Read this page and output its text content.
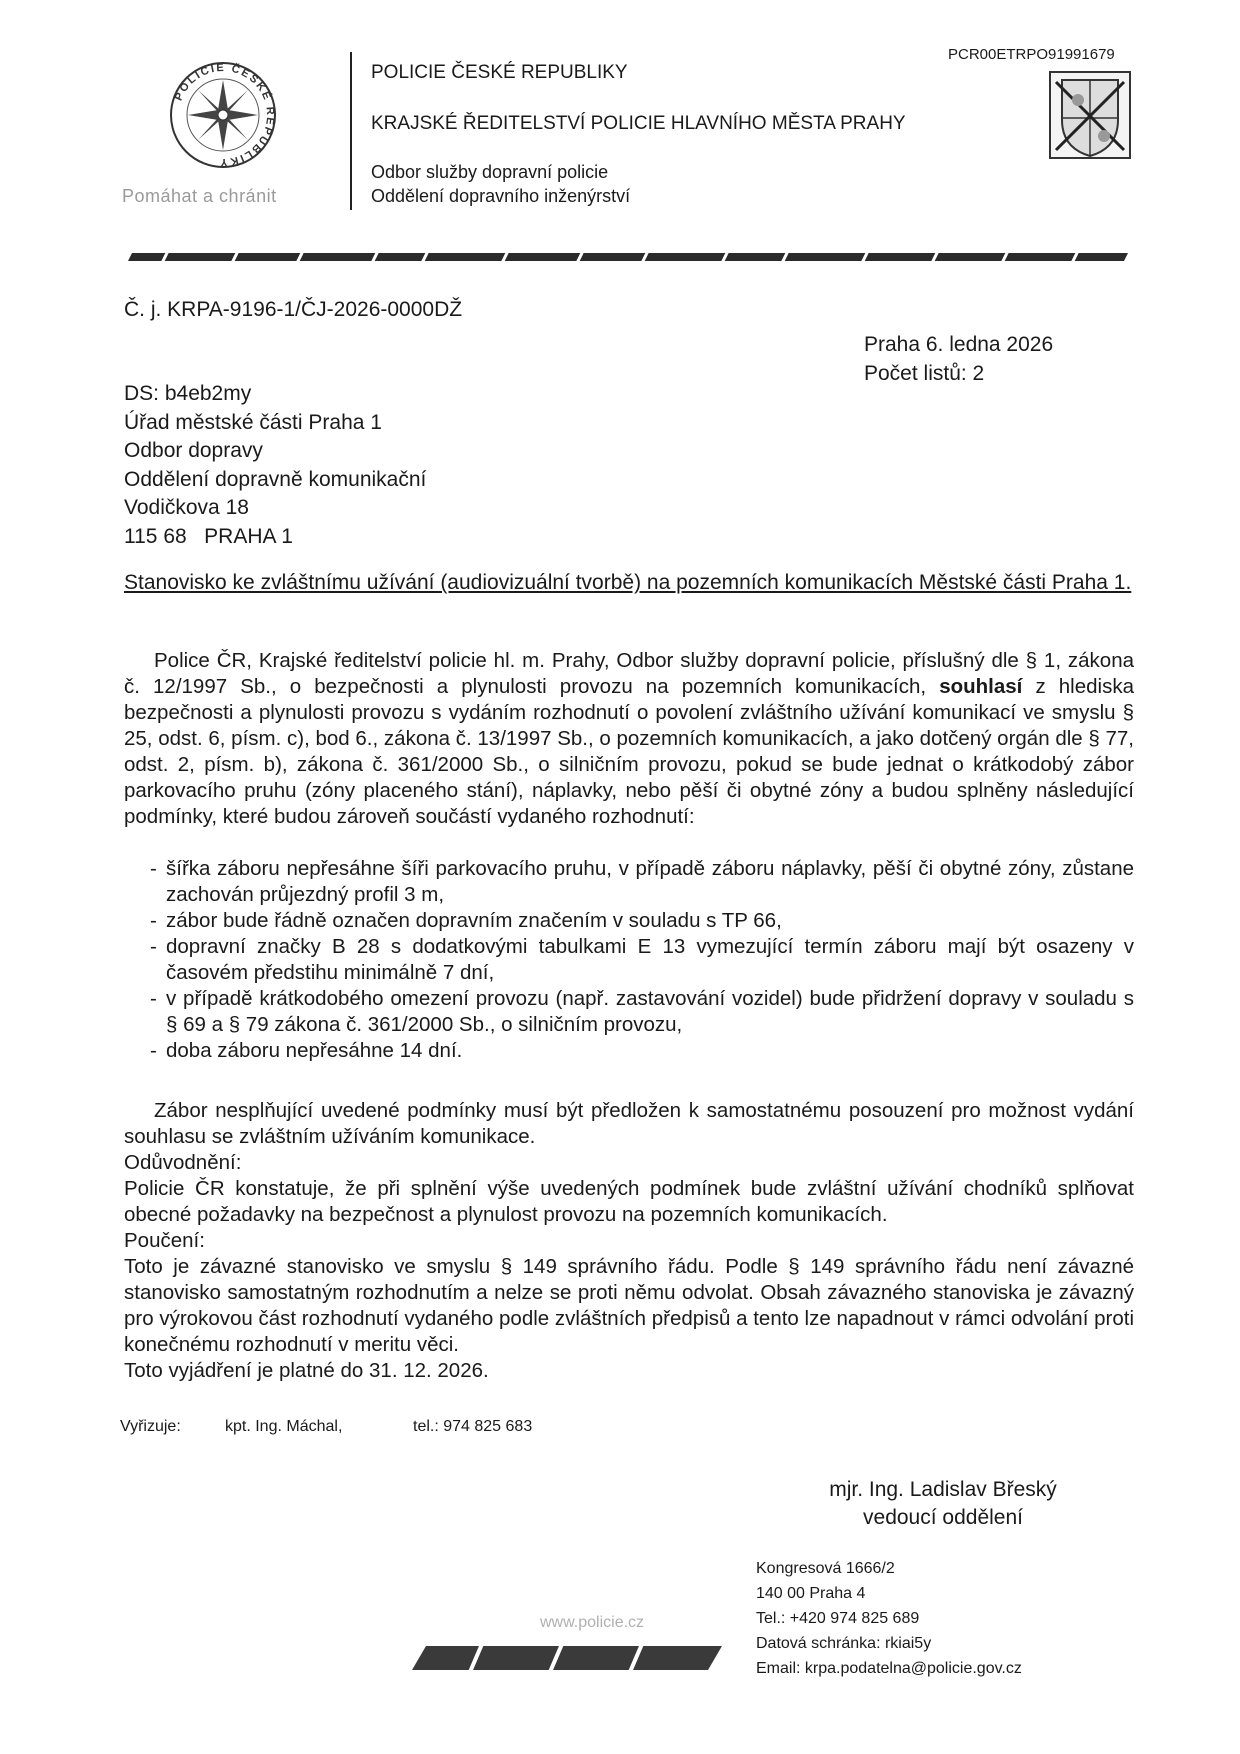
POLICIE ČESKÉ REPUBLIKY
Pomáhat a chránit
POLICIE ČESKÉ REPUBLIKY
KRAJSKÉ ŘEDITELSTVÍ POLICIE HLAVNÍHO MĚSTA PRAHY
Odbor služby dopravní policie
Oddělení dopravního inženýrství
PCR00ETRPO91991679
Č. j. KRPA-9196-1/ČJ-2026-0000DŽ
Praha 6. ledna 2026
Počet listů: 2
DS: b4eb2my
Úřad městské části Praha 1
Odbor dopravy
Oddělení dopravně komunikační
Vodičkova 18
115 68   PRAHA 1
Stanovisko ke zvláštnímu užívání (audiovizuální tvorbě) na pozemních komunikacích Městské části Praha 1.
Police ČR, Krajské ředitelství policie hl. m. Prahy, Odbor služby dopravní policie, příslušný dle § 1, zákona č. 12/1997 Sb., o bezpečnosti a plynulosti provozu na pozemních komunikacích, souhlasí z hlediska bezpečnosti a plynulosti provozu s vydáním rozhodnutí o povolení zvláštního užívání komunikací ve smyslu § 25, odst. 6, písm. c), bod 6., zákona č. 13/1997 Sb., o pozemních komunikacích, a jako dotčený orgán dle § 77, odst. 2, písm. b), zákona č. 361/2000 Sb., o silničním provozu, pokud se bude jednat o krátkodobý zábor parkovacího pruhu (zóny placeného stání), náplavky, nebo pěší či obytné zóny a budou splněny následující podmínky, které budou zároveň součástí vydaného rozhodnutí:
- šířka záboru nepřesáhne šíři parkovacího pruhu, v případě záboru náplavky, pěší či obytné zóny, zůstane zachován průjezdný profil 3 m,
- zábor bude řádně označen dopravním značením v souladu s TP 66,
- dopravní značky B 28 s dodatkovými tabulkami E 13 vymezující termín záboru mají být osazeny v časovém předstihu minimálně 7 dní,
- v případě krátkodobého omezení provozu (např. zastavování vozidel) bude přidržení dopravy v souladu s § 69 a § 79 zákona č. 361/2000 Sb., o silničním provozu,
- doba záboru nepřesáhne 14 dní.
Zábor nesplňující uvedené podmínky musí být předložen k samostatnému posouzení pro možnost vydání souhlasu se zvláštním užíváním komunikace.
Odůvodnění:
Policie ČR konstatuje, že při splnění výše uvedených podmínek bude zvláštní užívání chodníků splňovat obecné požadavky na bezpečnost a plynulost provozu na pozemních komunikacích.
Poučení:
Toto je závazné stanovisko ve smyslu § 149 správního řádu. Podle § 149 správního řádu není závazné stanovisko samostatným rozhodnutím a nelze se proti němu odvolat. Obsah závazného stanoviska je závazný pro výrokovou část rozhodnutí vydaného podle zvláštních předpisů a tento lze napadnout v rámci odvolání proti konečnému rozhodnutí v meritu věci.
Toto vyjádření je platné do 31. 12. 2026.
Vyřizuje:	kpt. Ing. Máchal,	tel.: 974 825 683
mjr. Ing. Ladislav Břeský
vedoucí oddělení
www.policie.cz
Kongresová 1666/2
140 00 Praha 4
Tel.: +420 974 825 689
Datová schránka: rkiai5y
Email: krpa.podatelna@policie.gov.cz
